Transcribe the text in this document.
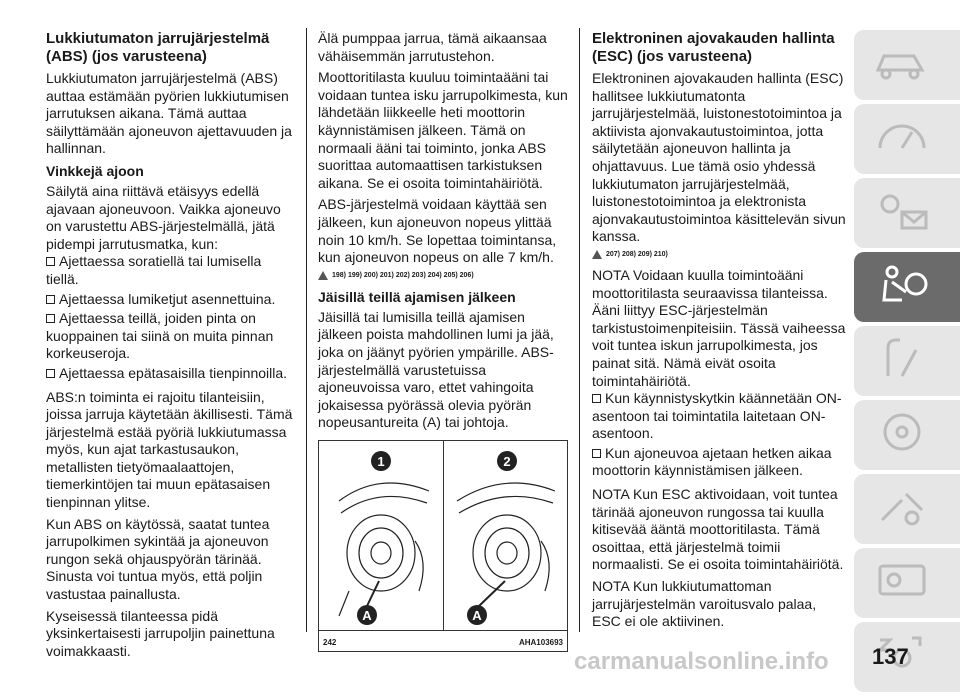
Lukkiutumaton jarrujärjestelmä (ABS) (jos varusteena)

Lukkiutumaton jarrujärjestelmä (ABS) auttaa estämään pyörien lukkiutumisen jarrutuksen aikana. Tämä auttaa säilyttämään ajoneuvon ajettavuuden ja hallinnan.

Vinkkejä ajoon

Säilytä aina riittävä etäisyys edellä ajavaan ajoneuvoon. Vaikka ajoneuvo on varustettu ABS-järjestelmällä, jätä pidempi jarrutusmatka, kun:

Ajettaessa soratiellä tai lumisella tiellä.
Ajettaessa lumiketjut asennettuina.
Ajettaessa teillä, joiden pinta on kuoppainen tai siinä on muita pinnan korkeuseroja.
Ajettaessa epätasaisilla tienpinnoilla.

ABS:n toiminta ei rajoitu tilanteisiin, joissa jarruja käytetään äkillisesti. Tämä järjestelmä estää pyöriä lukkiutumassa myös, kun ajat tarkastusaukon, metallisten tietyömaalaattojen, tiemerkintöjen tai muun epätasaisen tienpinnan ylitse.

Kun ABS on käytössä, saatat tuntea jarrupolkimen sykintää ja ajoneuvon rungon sekä ohjauspyörän tärinää. Sinusta voi tuntua myös, että poljin vastustaa painallusta.

Kyseisessä tilanteessa pidä yksinkertaisesti jarrupoljin painettuna voimakkaasti.

Älä pumppaa jarrua, tämä aikaansaa vähäisemmän jarrutustehon.

Moottoritilasta kuuluu toimintaääni tai voidaan tuntea isku jarrupolkimesta, kun lähdetään liikkeelle heti moottorin käynnistämisen jälkeen. Tämä on normaali ääni tai toiminto, jonka ABS suorittaa automaattisen tarkistuksen aikana. Se ei osoita toimintahäiriötä.

ABS-järjestelmä voidaan käyttää sen jälkeen, kun ajoneuvon nopeus ylittää noin 10 km/h. Se lopettaa toimintansa, kun ajoneuvon nopeus on alle 7 km/h.

198) 199) 200) 201) 202) 203) 204) 205) 206)
Jäisillä teillä ajamisen jälkeen

Jäisillä tai lumisilla teillä ajamisen jälkeen poista mahdollinen lumi ja jää, joka on jäänyt pyörien ympärille. ABS-järjestelmällä varustetuissa ajoneuvoissa varo, ettet vahingoita jokaisessa pyörässä olevia pyörän nopeusantureita (A) tai johtoja.

1	2
A	A
242	AHA103693
Elektroninen ajovakauden hallinta (ESC) (jos varusteena)

Elektroninen ajovakauden hallinta (ESC) hallitsee lukkiutumatonta jarrujärjestelmää, luistonestotoimintoa ja aktiivista ajonvakautustoimintoa, jotta säilytetään ajoneuvon hallinta ja ohjattavuus. Lue tämä osio yhdessä lukkiutumaton jarrujärjestelmää, luistonestotoimintoa ja elektronista ajonvakautustoimintoa käsittelevän sivun kanssa.

207) 208) 209) 210)

NOTA Voidaan kuulla toimintoääni moottoritilasta seuraavissa tilanteissa. Ääni liittyy ESC-järjestelmän tarkistustoimenpiteisiin. Tässä vaiheessa voit tuntea iskun jarrupolkimesta, jos painat sitä. Nämä eivät osoita toimintahäiriötä.

Kun käynnistyskytkin käännetään ON-asentoon tai toimintatila laitetaan ON-asentoon.
Kun ajoneuvoa ajetaan hetken aikaa moottorin käynnistämisen jälkeen.

NOTA Kun ESC aktivoidaan, voit tuntea tärinää ajoneuvon rungossa tai kuulla kitisevää ääntä moottoritilasta. Tämä osoittaa, että järjestelmä toimii normaalisti. Se ei osoita toimintahäiriötä.

NOTA Kun lukkiutumattoman jarrujärjestelmän varoitusvalo palaa, ESC ei ole aktiivinen.

137
carmanualsonline.info
